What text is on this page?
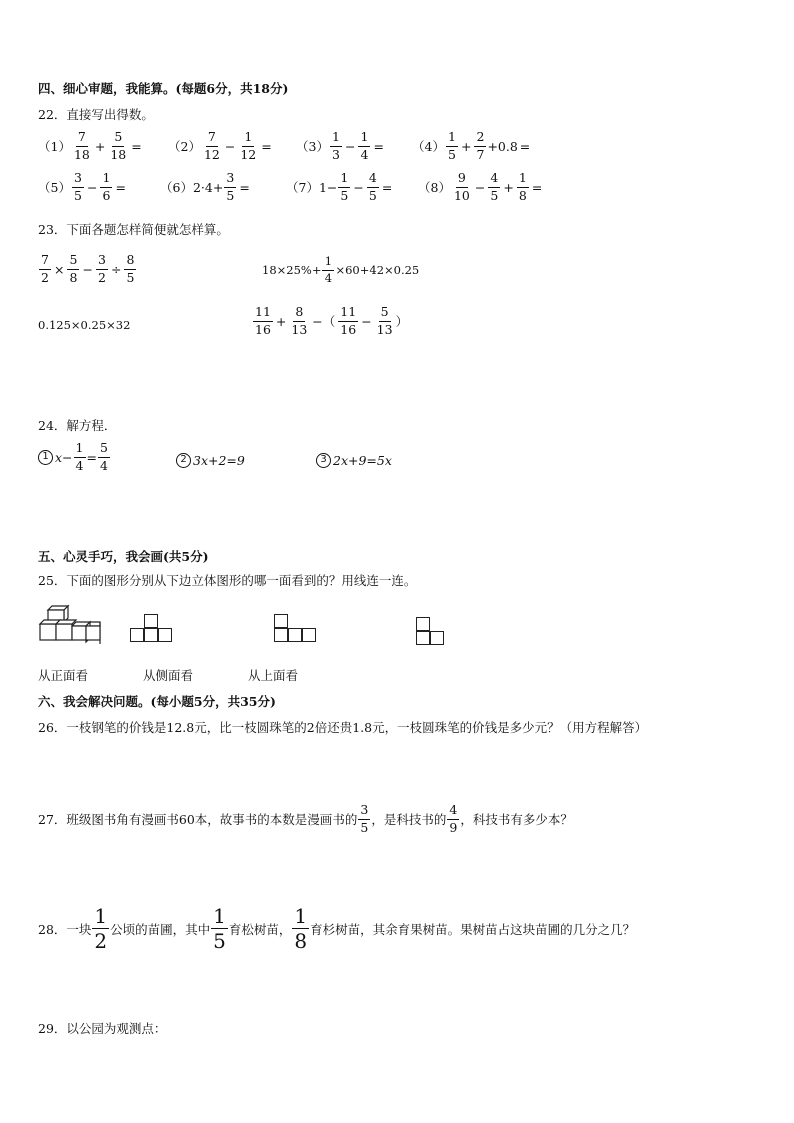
四、细心审题，我能算。(每题6分，共18分)
22．直接写出得数。
$(1) \frac{7}{18} + \frac{5}{18} = (2) \frac{7}{12} - \frac{1}{12} = (3) \frac{1}{3} - \frac{1}{4} = (4) \frac{1}{5} + \frac{2}{7} +0.8$ =
$(5) \frac{3}{5} - \frac{1}{6}$ =	（6） $2\cdot 4+ \frac{3}{5}$ =	（7） $1- \frac{1}{5} - \frac{4}{5} = (8) \frac{9}{10} - \frac{4}{5} + \frac{1}{8}$ =
23．下面各题怎样简便就怎样算。
$\frac{7}{2} \times \frac{5}{8} - \frac{3}{2} \div \frac{8}{5}$	$18\times 25\%+ \frac{1}{4} \times 60+42\times 0.25$
0.125×0.25×32	$\frac{11}{16} + \frac{8}{13}$ −（ $\frac{11}{16} - \frac{5}{13}$ ）
24．解方程．
1 $x- \frac{1}{4} = \frac{5}{4}$	2 3x+2=9	3 2x+9=5x
五、心灵手巧，我会画(共5分)
25．下面的图形分别从下边立体图形的哪一面看到的？用线连一连。
从正面看	从侧面看	从上面看
六、我会解决问题。(每小题5分，共35分)
26．一枝钢笔的价钱是12.8元，比一枝圆珠笔的2倍还贵1.8元，一枝圆珠笔的价钱是多少元？（用方程解答）
27．班级图书角有漫画书60本，故事书的本数是漫画书的 $\frac{3}{5}$ ，是科技书的 $\frac{4}{9}$ ，科技书有多少本？
28．一块 $\frac{1}{2}$ 公顷的苗圃，其中 $\frac{1}{5}$ 育松树苗， $\frac{1}{8}$ 育杉树苗，其余育果树苗。果树苗占这块苗圃的几分之几？
29．以公园为观测点：
